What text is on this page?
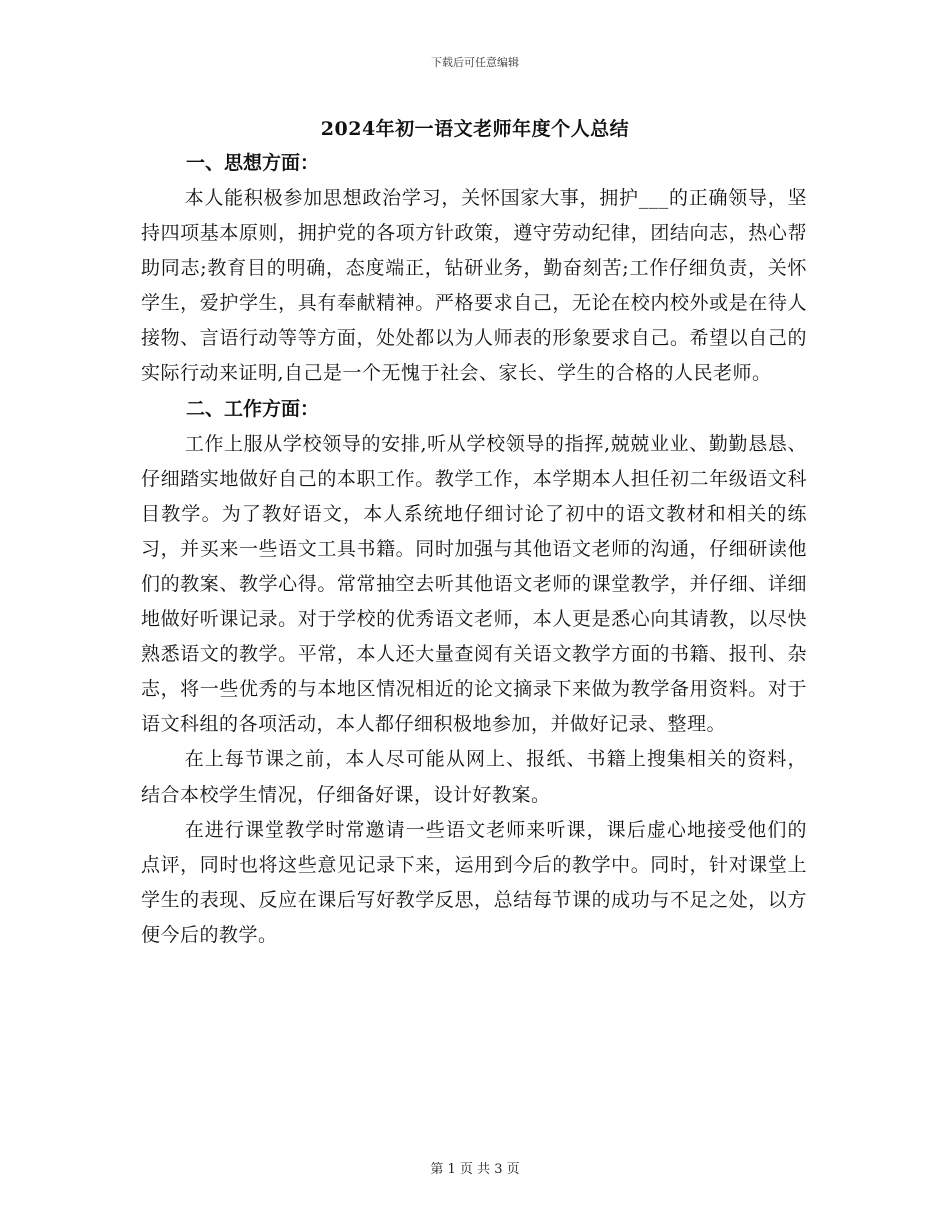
下载后可任意编辑
2024年初一语文老师年度个人总结

一、思想方面：

本人能积极参加思想政治学习，关怀国家大事，拥护___的正确领导，坚持四项基本原则，拥护党的各项方针政策，遵守劳动纪律，团结向志，热心帮助同志;教育目的明确，态度端正，钻研业务，勤奋刻苦;工作仔细负责，关怀学生，爱护学生，具有奉献精神。严格要求自己，无论在校内校外或是在待人接物、言语行动等等方面，处处都以为人师表的形象要求自己。希望以自己的实际行动来证明,自己是一个无愧于社会、家长、学生的合格的人民老师。

二、工作方面：

工作上服从学校领导的安排,听从学校领导的指挥,兢兢业业、勤勤恳恳、仔细踏实地做好自己的本职工作。教学工作，本学期本人担任初二年级语文科目教学。为了教好语文，本人系统地仔细讨论了初中的语文教材和相关的练习，并买来一些语文工具书籍。同时加强与其他语文老师的沟通，仔细研读他们的教案、教学心得。常常抽空去听其他语文老师的课堂教学，并仔细、详细地做好听课记录。对于学校的优秀语文老师，本人更是悉心向其请教，以尽快熟悉语文的教学。平常，本人还大量查阅有关语文教学方面的书籍、报刊、杂志，将一些优秀的与本地区情况相近的论文摘录下来做为教学备用资料。对于语文科组的各项活动，本人都仔细积极地参加，并做好记录、整理。

在上每节课之前，本人尽可能从网上、报纸、书籍上搜集相关的资料，结合本校学生情况，仔细备好课，设计好教案。

在进行课堂教学时常邀请一些语文老师来听课，课后虚心地接受他们的点评，同时也将这些意见记录下来，运用到今后的教学中。同时，针对课堂上学生的表现、反应在课后写好教学反思，总结每节课的成功与不足之处，以方便今后的教学。

第 1 页 共 3 页
